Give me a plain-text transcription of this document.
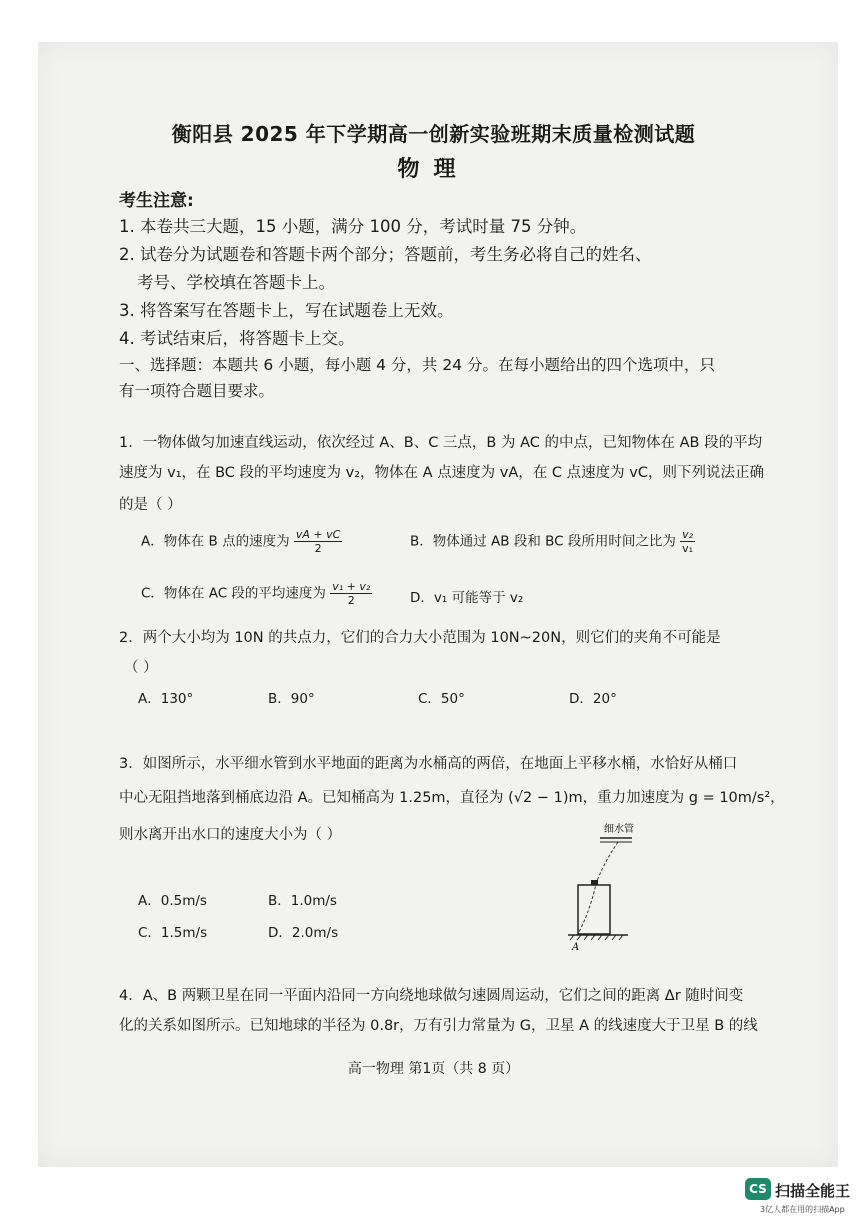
衡阳县 2025 年下学期高一创新实验班期末质量检测试题
物理
考生注意:
1. 本卷共三大题，15 小题，满分 100 分，考试时量 75 分钟。
2. 试卷分为试题卷和答题卡两个部分；答题前，考生务必将自己的姓名、
考号、学校填在答题卡上。
3. 将答案写在答题卡上，写在试题卷上无效。
4. 考试结束后，将答题卡上交。
一、选择题：本题共 6 小题，每小题 4 分，共 24 分。在每小题给出的四个选项中，只
有一项符合题目要求。
1．一物体做匀加速直线运动，依次经过 A、B、C 三点，B 为 AC 的中点，已知物体在 AB 段的平均
速度为 v₁，在 BC 段的平均速度为 v₂，物体在 A 点速度为 vA，在 C 点速度为 vC，则下列说法正确
的是（ ）
A．物体在 B 点的速度为 $\frac{vA + vC}{2}$	B．物体通过 AB 段和 BC 段所用时间之比为 $\frac{\text{v₂}}{\text{v₁}}$
C．物体在 AC 段的平均速度为 $\frac{\text{v₁ + v₂}}{2}$	D．v₁ 可能等于 v₂
2．两个大小均为 10N 的共点力，它们的合力大小范围为 10N~20N，则它们的夹角不可能是
（ ）
A．130°	B．90°	C．50°	D．20°
3．如图所示，水平细水管到水平地面的距离为水桶高的两倍，在地面上平移水桶，水恰好从桶口
中心无阻挡地落到桶底边沿 A。已知桶高为 1.25m，直径为 (√2 − 1)m，重力加速度为 g = 10m/s²，
则水离开出水口的速度大小为（ ）
A．0.5m/s	B．1.0m/s
C．1.5m/s	D．2.0m/s
细水管
A
4．A、B 两颗卫星在同一平面内沿同一方向绕地球做匀速圆周运动，它们之间的距离 Δr 随时间变
化的关系如图所示。已知地球的半径为 0.8r，万有引力常量为 G，卫星 A 的线速度大于卫星 B 的线
高一物理 第1页（共 8 页）
CS 扫描全能王
3亿人都在用的扫描App
